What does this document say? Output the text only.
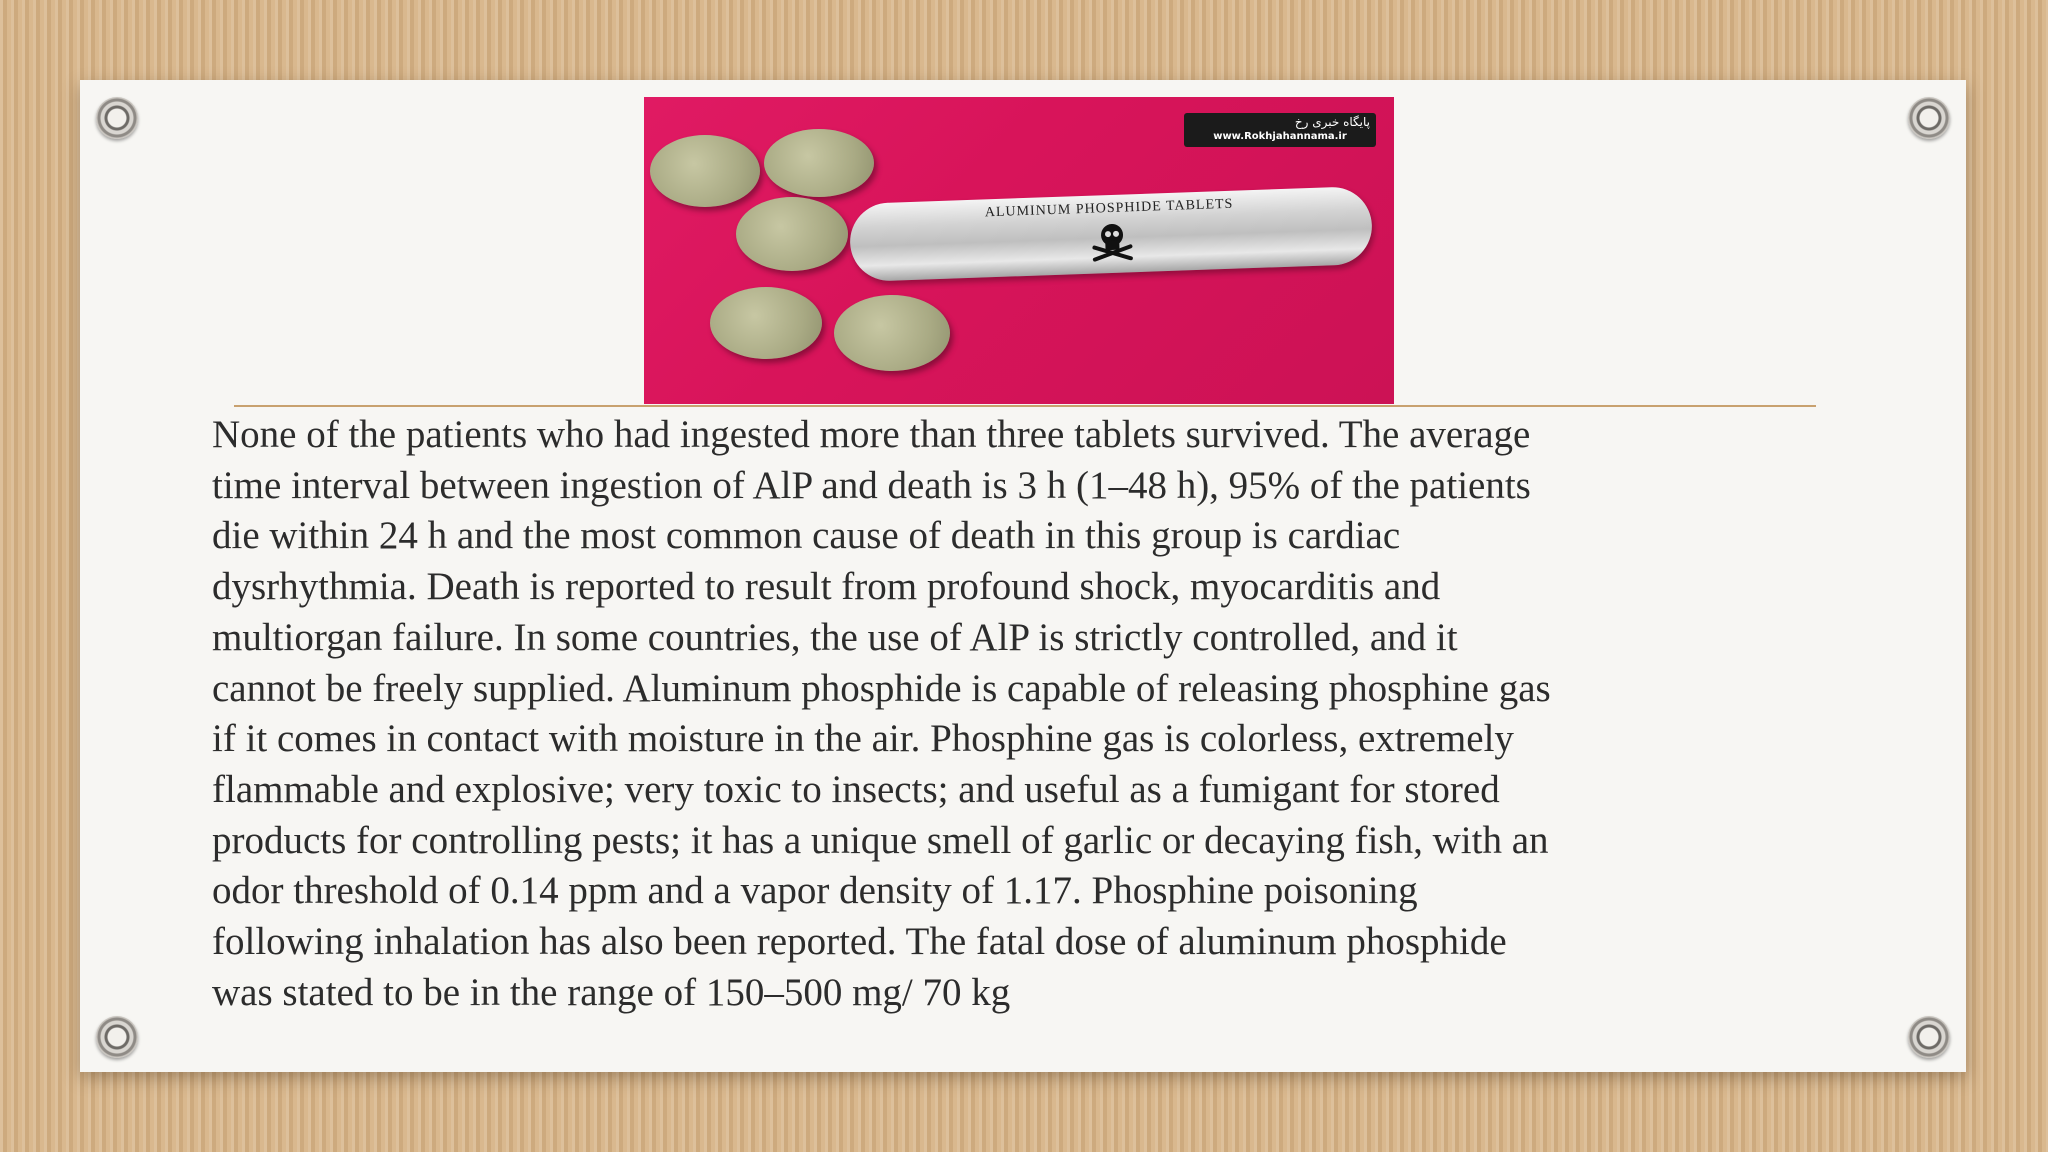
ALUMINUM PHOSPHIDE TABLETS
پایگاه خبری رخ
www.Rokhjahannama.ir
None of the patients who had ingested more than three tablets survived. The average
time interval between ingestion of AlP and death is 3 h (1–48 h), 95% of the patients
die within 24 h and the most common cause of death in this group is cardiac
dysrhythmia. Death is reported to result from profound shock, myocarditis and
multiorgan failure. In some countries, the use of AlP is strictly controlled, and it
cannot be freely supplied. Aluminum phosphide is capable of releasing phosphine gas
if it comes in contact with moisture in the air. Phosphine gas is colorless, extremely
flammable and explosive; very toxic to insects; and useful as a fumigant for stored
products for controlling pests; it has a unique smell of garlic or decaying fish, with an
odor threshold of 0.14 ppm and a vapor density of 1.17. Phosphine poisoning
following inhalation has also been reported. The fatal dose of aluminum phosphide
was stated to be in the range of 150–500 mg/ 70 kg
